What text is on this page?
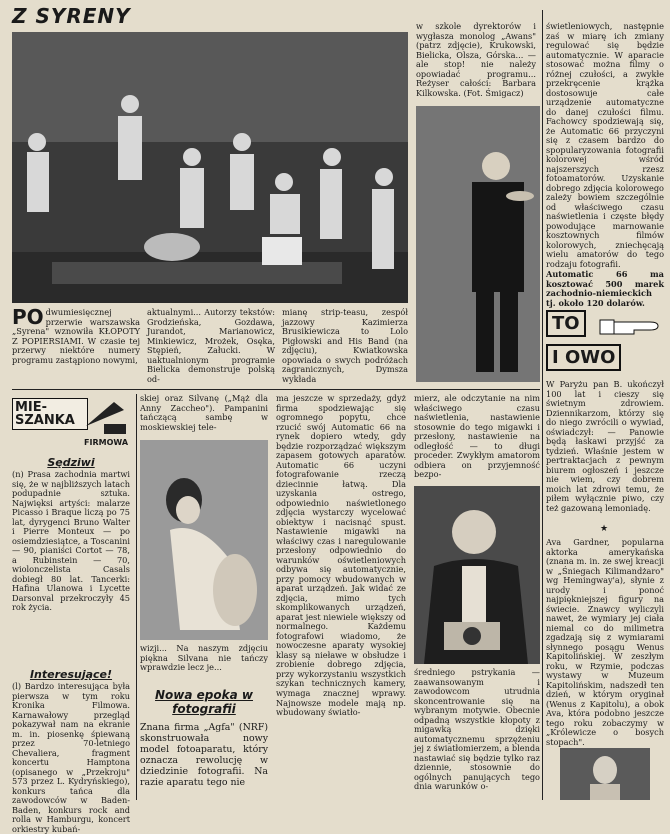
Z SYRENY
PO dwumiesięcznej przerwie warszawska „Syrena" wznowiła KŁOPOTY Z POPIERSIAMI. W czasie tej przerwy niektóre numery programu zastąpiono nowymi,
aktualnymi... Autorzy tekstów: Grodzieńska, Gozdawa, Jurandot, Marianowicz, Minkiewicz, Mrożek, Osęka, Stępień, Załucki. W uaktualnionym programie Bielicka demonstruje polską od-
mianę strip-teasu, zespół jazzowy Kazimierza Brusikiewicza to Lolo Pigłowski and His Band (na zdjęciu), Kwiatkowska opowiada o swych podróżach zagranicznych, Dymsza wykłada
w szkole dyrektorów i wygłasza monolog „Awans" (patrz zdjęcie), Krukowski, Bielicka, Olsza, Górska... — ale stop! nie należy opowiadać programu... Reżyser całości: Barbara Kilkowska. (Fot. Śmigacz)
świetleniowych, następnie zaś w miarę ich zmiany regulować się będzie automatycznie. W aparacie stosować można filmy o różnej czułości, a zwykłe przekręcenie krążka dostosowuje całe urządzenie automatyczne do danej czułości filmu. Fachowcy spodziewają się, że Automatic 66 przyczyni się z czasem bardzo do spopularyzowania fotografii kolorowej wśród najszerszych rzesz fotoamatorów. Uzyskanie dobrego zdjęcia kolorowego zależy bowiem szczególnie od właściwego czasu naświetlenia i częste błędy powodujące marnowanie kosztownych filmów kolorowych, zniechęcają wielu amatorów do tego rodzaju fotografii.
Automatic 66 ma kosztować 500 marek zachodnio-niemieckich tj. około 120 dolarów.
TO
I OWO
W Paryżu pan B. ukończył 100 lat i cieszy się świetnym zdrowiem. Dziennikarzom, którzy się do niego zwrócili o wywiad, oświadczył: — Panowie będą łaskawi przyjść za tydzień. Właśnie jestem w pertraktacjach z pewnym biurem ogłoszeń i jeszcze nie wiem, czy dobrem moich lat zdrowi temu, że piłem wyłącznie piwo, czy też gazowaną lemoniadę.
★
Ava Gardner, popularna aktorka amerykańska (znana m. in. ze swej kreacji w „Śniegach Kilimandżaro" wg Hemingway'a), słynie z urody i ponoć najpiękniejszej figury na świecie. Znawcy wyliczyli nawet, że wymiary jej ciała niemal co do milimetra zgadzają się z wymiarami słynnego posągu Wenus Kapitolińskiej. W zeszłym roku, w Rzymie, podczas wystawy w Muzeum Kapitolińskim, nadszedł ten dzień, w którym oryginał (Wenus z Kapitolu), a obok Ava, która podobno jeszcze tego roku zobaczymy w „Królewicze o bosych stopach".
MIE-SZANKA
FIRMOWA
Sędziwi
(n) Prasa zachodnia martwi się, że w najbliższych latach podupadnie sztuka. Najwięksi artyści: malarze Picasso i Braque liczą po 75 lat, dyrygenci Bruno Walter i Pierre Monteux — po osiemdziesiątce, a Toscanini — 90, pianiści Cortot — 78, a Rubinstein — 70, wiolonczelista Casals dobiegł 80 lat. Tancerki: Hafina Ulanowa i Lycette Darsonval przekroczyły 45 rok życia.
Interesujące!
(l) Bardzo interesująca była pierwsza w tym roku Kronika Filmowa. Karnawałowy przegląd pokazywał nam na ekranie m. in. piosenkę śpiewaną przez 70-letniego Chevaliera, fragment koncertu Hamptona (opisanego w „Przekroju" 573 przez L. Kydryńskiego), konkurs tańca dla zawodowców w Baden-Baden, konkurs rock and rolla w Hamburgu, koncert orkiestry kubań-
skiej oraz Silvanę („Mąż dla Anny Zaccheo"). Pampanini tańczącą sambę w moskiewskiej tele-
wizji... Na naszym zdjęciu piękna Silvana nie tańczy wprawdzie lecz je...
Nowa epoka w fotografii
Znana firma „Agfa" (NRF) skonstruowała nowy model fotoaparatu, który oznacza rewolucję w dziedzinie fotografii. Na razie aparatu tego nie
ma jeszcze w sprzedaży, gdyż firma spodziewając się ogromnego popytu, chce rzucić swój Automatic 66 na rynek dopiero wtedy, gdy będzie rozporządzać większym zapasem gotowych aparatów. Automatic 66 uczyni fotografowanie rzeczą dziecinnie łatwą. Dla uzyskania ostrego, odpowiednio naświetlonego zdjęcia wystarczy wycelować obiektyw i nacisnąć spust. Nastawienie migawki na właściwy czas i naregulowanie przesłony odpowiednio do warunków oświetleniowych odbywa się automatycznie, przy pomocy wbudowanych w aparat urządzeń. Jak widać ze zdjęcia, mimo tych skomplikowanych urządzeń, aparat jest niewiele większy od normalnego. Każdemu fotografowi wiadomo, że nowoczesne aparaty wysokiej klasy są nieławe w obsłudze i zrobienie dobrego zdjęcia, przy wykorzystaniu wszystkich szykan technicznych kamery, wymaga znacznej wprawy. Najnowsze modele mają np. wbudowany światło-
mierz, ale odczytanie na nim właściwego czasu naświetlenia, nastawienie stosownie do tego migawki i przesłony, nastawienie na odległość — to długi proceder. Zwykłym amatorom odbiera on przyjemność bezpo-
średniego pstrykania — zaawansowanym i zawodowcom utrudnia skoncentrowanie się na wybranym motywie. Obecnie odpadną wszystkie kłopoty z migawką dzięki automatycznemu sprzężeniu jej z światłomierzem, a blenda nastawiać się będzie tylko raz dziennie, stosownie do ogólnych panujących tego dnia warunków o-
